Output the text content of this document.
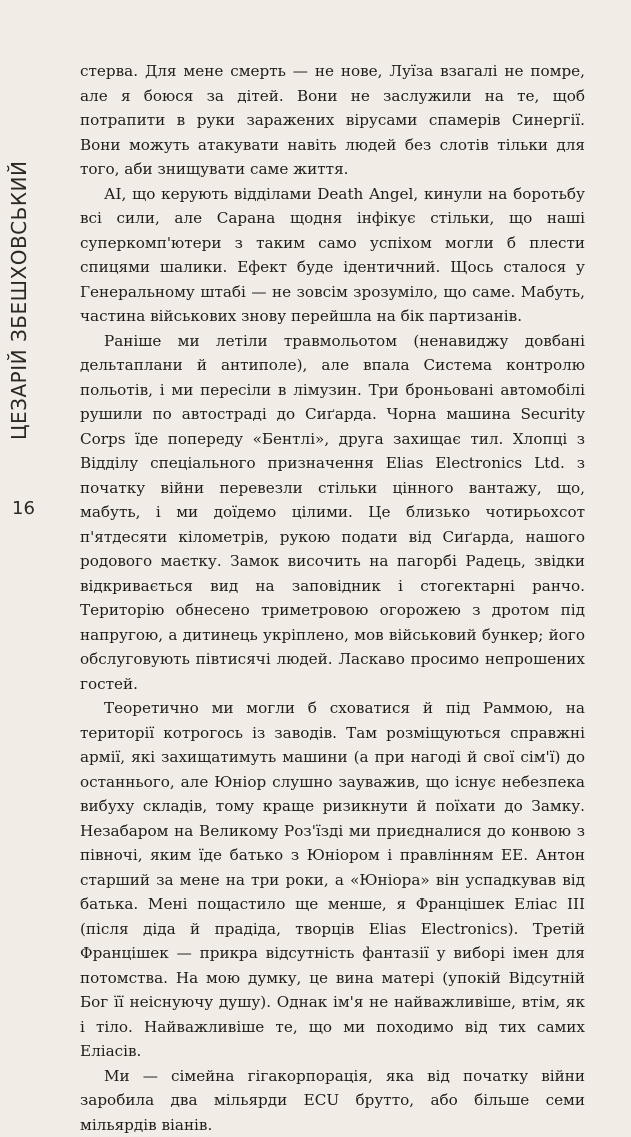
ЦЕЗАРІЙ ЗБЕШХОВСЬКИЙ
16

стерва. Для мене смерть — не нове, Луїза взагалі не помре, але я боюся за дітей. Вони не заслужили на те, щоб потрапити в руки заражених вірусами спамерів Синергії. Вони можуть атакувати навіть людей без слотів тільки для того, аби знищувати саме життя.

АІ, що керують відділами Death Angel, кинули на боротьбу всі сили, але Сарана щодня інфікує стільки, що наші суперкомп'ютери з таким само успіхом могли б плести спицями шалики. Ефект буде ідентичний. Щось сталося у Генеральному штабі — не зовсім зрозуміло, що саме. Мабуть, частина військових знову перейшла на бік партизанів.

Раніше ми летіли травмольотом (ненавиджу довбані дельтаплани й антиполе), але впала Система контролю польотів, і ми пересіли в лімузин. Три броньовані автомобілі рушили по автостраді до Сиґарда. Чорна машина Security Corps їде попереду «Бентлі», друга захищає тил. Хлопці з Відділу спеціального призначення Elias Electronics Ltd. з початку війни перевезли стільки цінного вантажу, що, мабуть, і ми доїдемо цілими. Це близько чотирьохсот п'ятдесяти кілометрів, рукою подати від Сиґарда, нашого родового маєтку. Замок височить на пагорбі Радець, звідки відкривається вид на заповідник і стогектарні ранчо. Територію обнесено триметровою огорожею з дротом під напругою, а дитинець укріплено, мов військовий бункер; його обслуговують півтисячі людей. Ласкаво просимо непрошених гостей.

Теоретично ми могли б сховатися й під Раммою, на території котрогось із заводів. Там розміщуються справжні армії, які захищатимуть машини (а при нагоді й свої сім'ї) до останнього, але Юніор слушно зауважив, що існує небезпека вибуху складів, тому краще ризикнути й поїхати до Замку. Незабаром на Великому Роз'їзді ми приєдналися до конвою з півночі, яким їде батько з Юніором і правлінням ЕЕ. Антон старший за мене на три роки, а «Юніора» він успадкував від батька. Мені пощастило ще менше, я Францішек Еліас III (після діда й прадіда, творців Elias Electronics). Третій Францішек — прикра відсутність фантазії у виборі імен для потомства. На мою думку, це вина матері (упокій Відсутній Бог її неіснуючу душу). Однак ім'я не найважливіше, втім, як і тіло. Найважливіше те, що ми походимо від тих самих Еліасів.

Ми — сімейна гігакорпорація, яка від початку війни заробила два мільярди ECU брутто, або більше семи мільярдів віанів.
